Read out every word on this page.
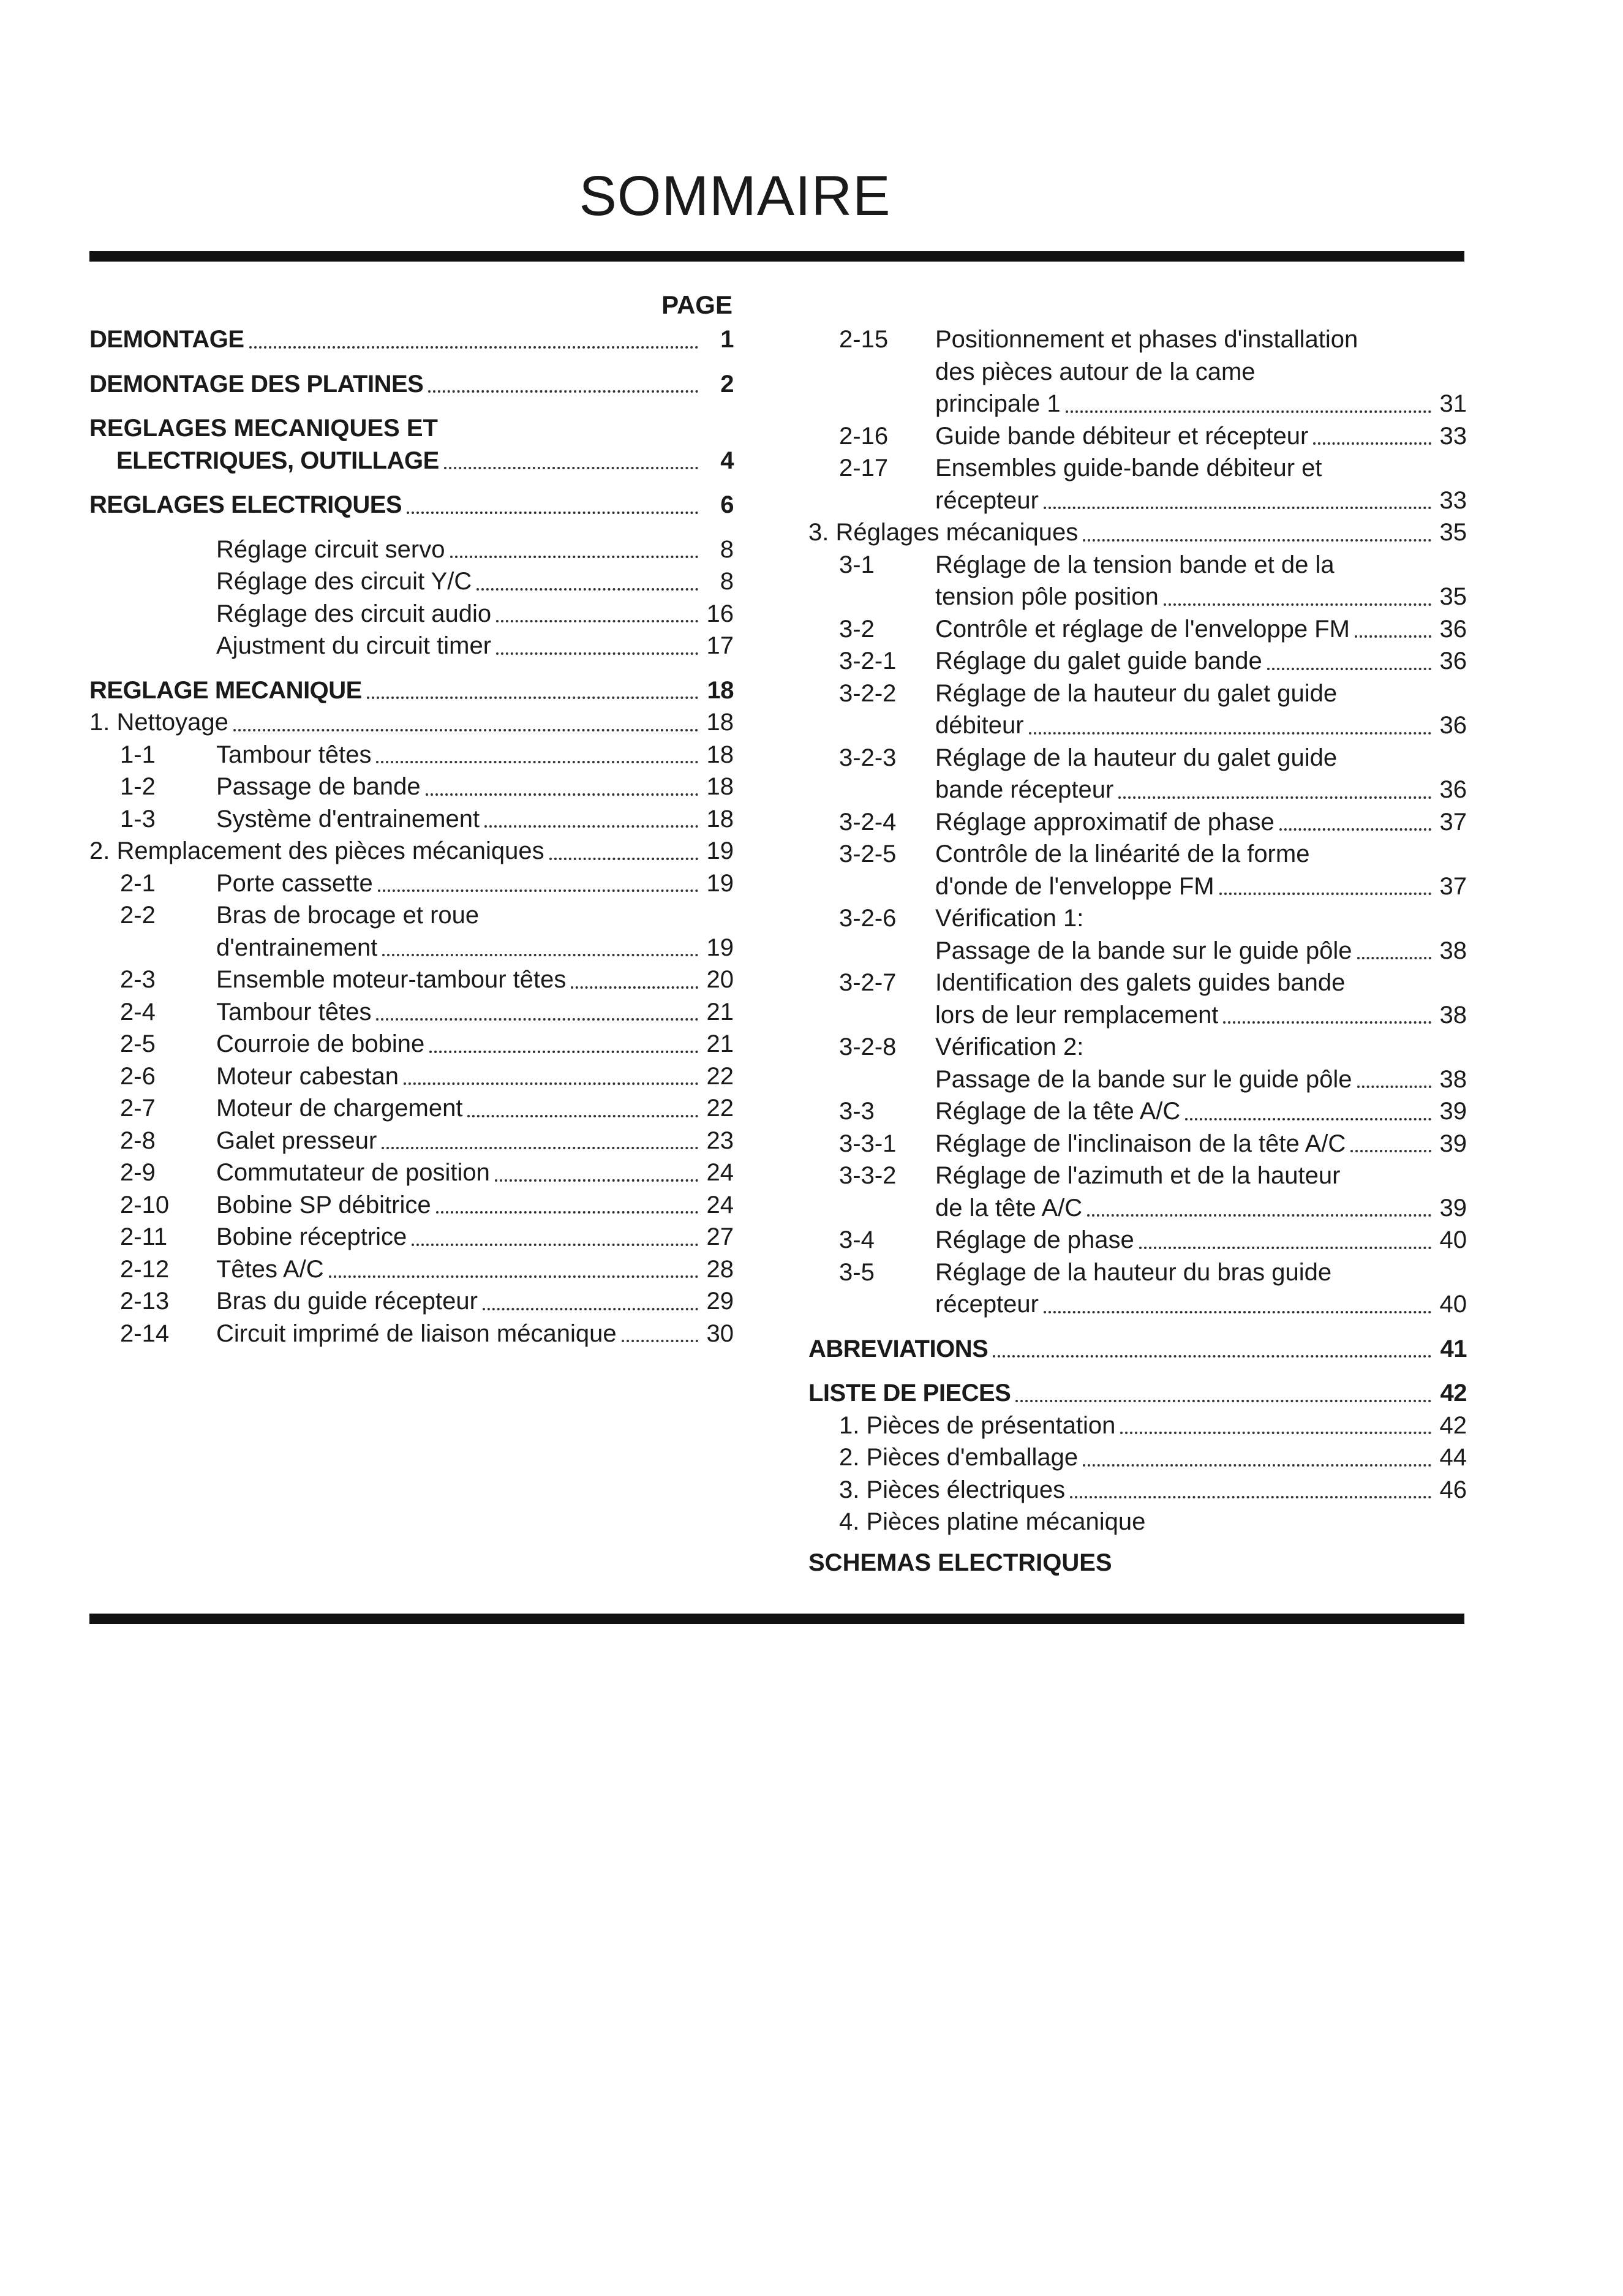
SOMMAIRE
PAGE
DEMONTAGE	1
DEMONTAGE DES PLATINES	2
REGLAGES MECANIQUES ET
ELECTRIQUES, OUTILLAGE	4
REGLAGES ELECTRIQUES	6
Réglage circuit servo	8
Réglage des circuit Y/C	8
Réglage des circuit audio	16
Ajustment du circuit timer	17
REGLAGE MECANIQUE	18
1. Nettoyage	18
1-1	Tambour têtes	18
1-2	Passage de bande	18
1-3	Système d'entrainement	18
2. Remplacement des pièces mécaniques	19
2-1	Porte cassette	19
2-2	Bras de brocage et roue
d'entrainement	19
2-3	Ensemble moteur-tambour têtes	20
2-4	Tambour têtes	21
2-5	Courroie de bobine	21
2-6	Moteur cabestan	22
2-7	Moteur de chargement	22
2-8	Galet presseur	23
2-9	Commutateur de position	24
2-10	Bobine SP débitrice	24
2-11	Bobine réceptrice	27
2-12	Têtes A/C	28
2-13	Bras du guide récepteur	29
2-14	Circuit imprimé de liaison mécanique	30
2-15	Positionnement et phases d'installation
des pièces autour de la came
principale 1	31
2-16	Guide bande débiteur et récepteur	33
2-17	Ensembles guide-bande débiteur et
récepteur	33
3. Réglages mécaniques	35
3-1	Réglage de la tension bande et de la
tension pôle position	35
3-2	Contrôle et réglage de l'enveloppe FM	36
3-2-1	Réglage du galet guide bande	36
3-2-2	Réglage de la hauteur du galet guide
débiteur	36
3-2-3	Réglage de la hauteur du galet guide
bande récepteur	36
3-2-4	Réglage approximatif de phase	37
3-2-5	Contrôle de la linéarité de la forme
d'onde de l'enveloppe FM	37
3-2-6	Vérification 1:
Passage de la bande sur le guide pôle	38
3-2-7	Identification des galets guides bande
lors de leur remplacement	38
3-2-8	Vérification 2:
Passage de la bande sur le guide pôle	38
3-3	Réglage de la tête A/C	39
3-3-1	Réglage de l'inclinaison de la tête A/C	39
3-3-2	Réglage de l'azimuth et de la hauteur
de la tête A/C	39
3-4	Réglage de phase	40
3-5	Réglage de la hauteur du bras guide
récepteur	40
ABREVIATIONS	41
LISTE DE PIECES	42
1. Pièces de présentation	42
2. Pièces d'emballage	44
3. Pièces électriques	46
4. Pièces platine mécanique
SCHEMAS ELECTRIQUES
